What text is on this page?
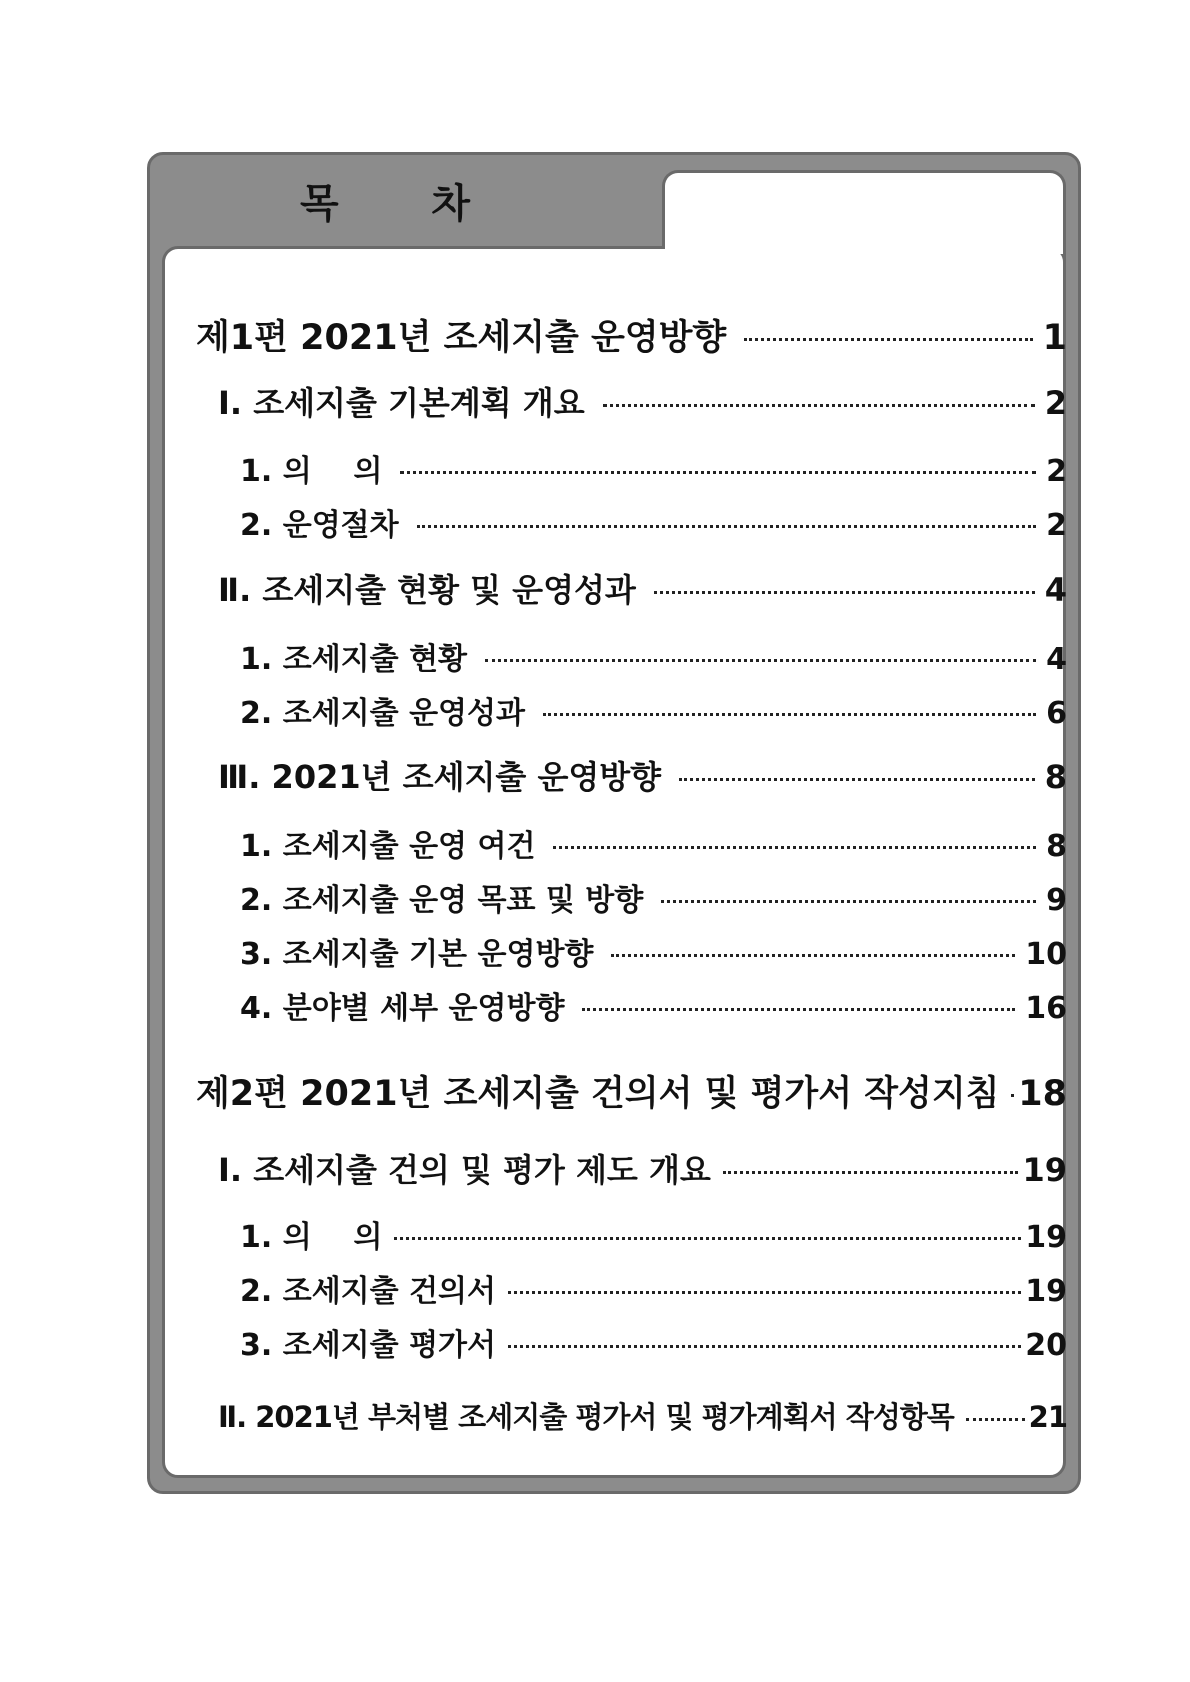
목 차
제1편 2021년 조세지출 운영방향	1
Ⅰ. 조세지출 기본계획 개요	2
1. 의    의	2
2. 운영절차	2
Ⅱ. 조세지출 현황 및 운영성과	4
1. 조세지출 현황	4
2. 조세지출 운영성과	6
Ⅲ. 2021년 조세지출 운영방향	8
1. 조세지출 운영 여건	8
2. 조세지출 운영 목표 및 방향	9
3. 조세지출 기본 운영방향	10
4. 분야별 세부 운영방향	16
제2편 2021년 조세지출 건의서 및 평가서 작성지침 18
Ⅰ. 조세지출 건의 및 평가 제도 개요	19
1. 의    의	19
2. 조세지출 건의서	19
3. 조세지출 평가서	20
Ⅱ. 2021년 부처별 조세지출 평가서 및 평가계획서 작성항목	21
